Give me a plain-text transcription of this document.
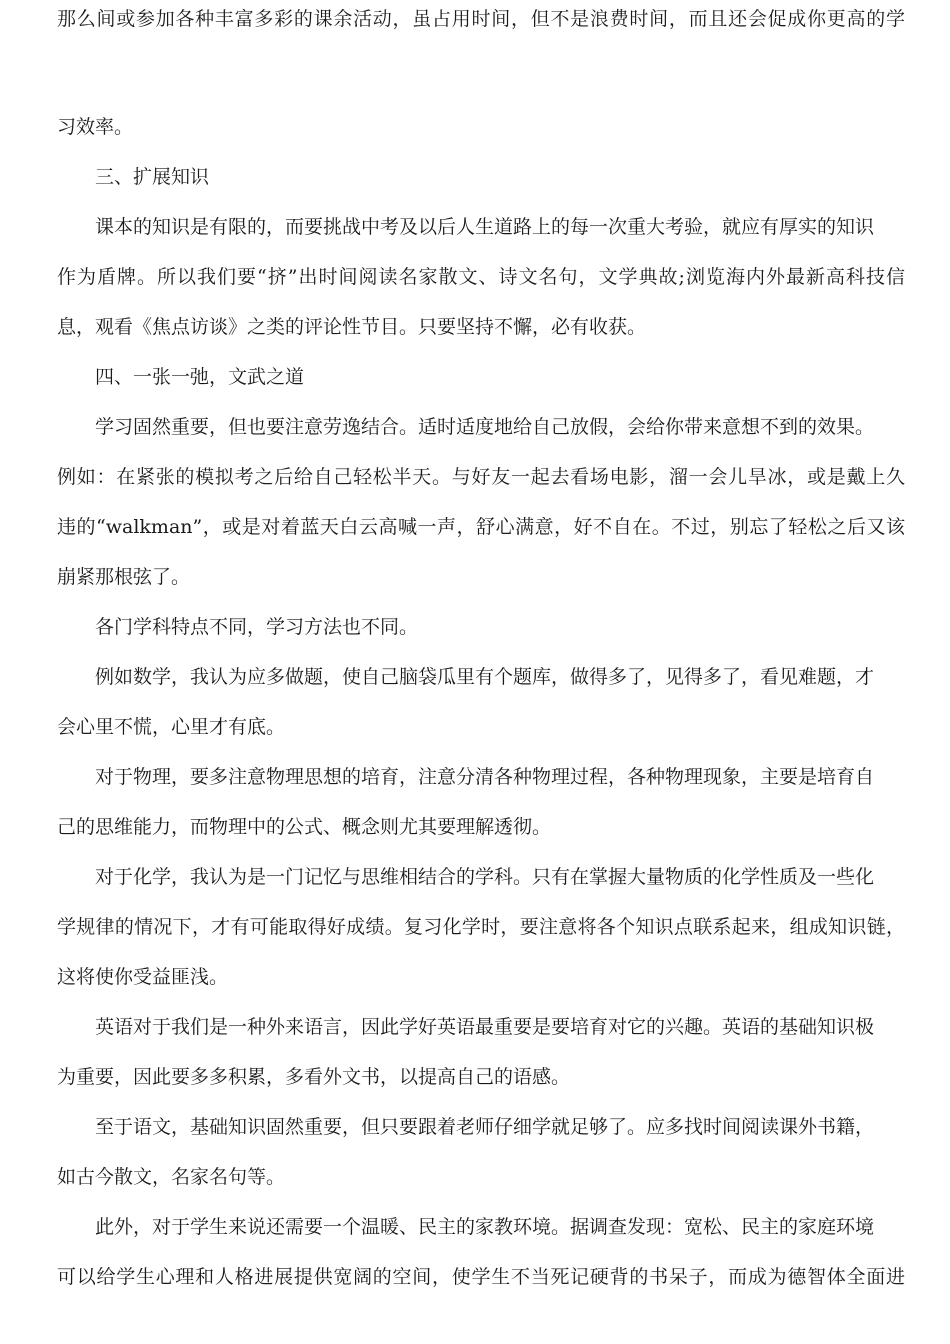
那么间或参加各种丰富多彩的课余活动，虽占用时间，但不是浪费时间，而且还会促成你更高的学
习效率。
三、扩展知识
课本的知识是有限的，而要挑战中考及以后人生道路上的每一次重大考验，就应有厚实的知识
作为盾牌。所以我们要“挤”出时间阅读名家散文、诗文名句，文学典故;浏览海内外最新高科技信
息，观看《焦点访谈》之类的评论性节目。只要坚持不懈，必有收获。
四、一张一弛，文武之道
学习固然重要，但也要注意劳逸结合。适时适度地给自己放假，会给你带来意想不到的效果。
例如：在紧张的模拟考之后给自己轻松半天。与好友一起去看场电影，溜一会儿旱冰，或是戴上久
违的“walkman”，或是对着蓝天白云高喊一声，舒心满意，好不自在。不过，别忘了轻松之后又该
崩紧那根弦了。
各门学科特点不同，学习方法也不同。
例如数学，我认为应多做题，使自己脑袋瓜里有个题库，做得多了，见得多了，看见难题，才
会心里不慌，心里才有底。
对于物理，要多注意物理思想的培育，注意分清各种物理过程，各种物理现象，主要是培育自
己的思维能力，而物理中的公式、概念则尤其要理解透彻。
对于化学，我认为是一门记忆与思维相结合的学科。只有在掌握大量物质的化学性质及一些化
学规律的情况下，才有可能取得好成绩。复习化学时，要注意将各个知识点联系起来，组成知识链，
这将使你受益匪浅。
英语对于我们是一种外来语言，因此学好英语最重要是要培育对它的兴趣。英语的基础知识极
为重要，因此要多多积累，多看外文书，以提高自己的语感。
至于语文，基础知识固然重要，但只要跟着老师仔细学就足够了。应多找时间阅读课外书籍，
如古今散文，名家名句等。
此外，对于学生来说还需要一个温暖、民主的家教环境。据调查发现：宽松、民主的家庭环境
可以给学生心理和人格进展提供宽阔的空间，使学生不当死记硬背的书呆子，而成为德智体全面进
